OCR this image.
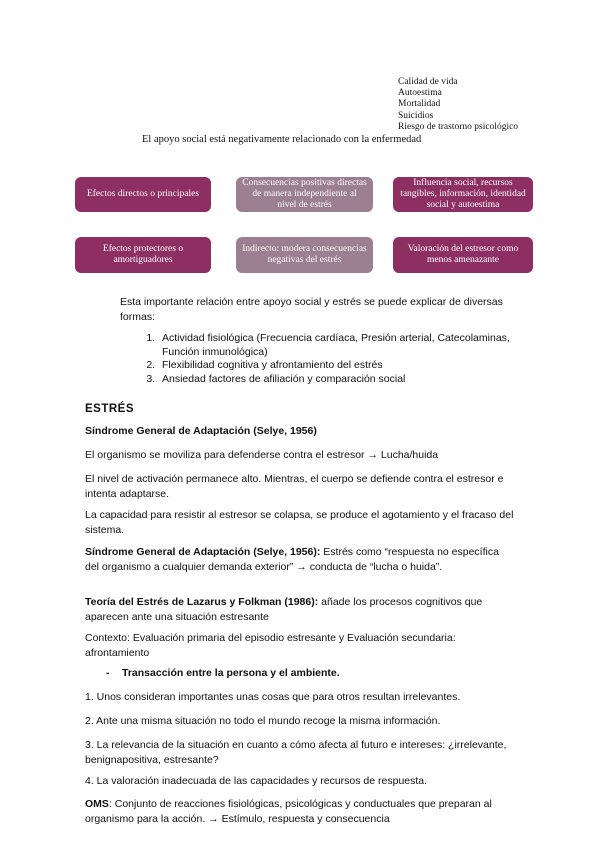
Calidad de vida
Autoestima
Mortalidad
Suicidios
Riesgo de trastorno psicológico
El apoyo social está negativamente relacionado con la enfermedad
Efectos directos o principales
Consecuencias positivas directas de manera independiente al nivel de estrés
Influencia social, recursos tangibles, información, identidad social y autoestima
Efectos protectores o amortiguadores
Indirecto: modera consecuencias negativas del estrés
Valoración del estresor como menos amenazante
Esta importante relación entre apoyo social y estrés se puede explicar de diversas formas:
1. Actividad fisiológica (Frecuencia cardíaca, Presión arterial, Catecolaminas, Función inmunológica)
2. Flexibilidad cognitiva y afrontamiento del estrés
3. Ansiedad factores de afiliación y comparación social
ESTRÉS
Síndrome General de Adaptación (Selye, 1956)
El organismo se moviliza para defenderse contra el estresor → Lucha/huida
El nivel de activación permanece alto. Mientras, el cuerpo se defiende contra el estresor e intenta adaptarse.
La capacidad para resistir al estresor se colapsa, se produce el agotamiento y el fracaso del sistema.
Síndrome General de Adaptación (Selye, 1956): Estrés como “respuesta no específica del organismo a cualquier demanda exterior” → conducta de “lucha o huida”.
Teoría del Estrés de Lazarus y Folkman (1986): añade los procesos cognitivos que aparecen ante una situación estresante
Contexto: Evaluación primaria del episodio estresante y Evaluación secundaria: afrontamiento
- Transacción entre la persona y el ambiente.
1. Unos consideran importantes unas cosas que para otros resultan irrelevantes.
2. Ante una misma situación no todo el mundo recoge la misma información.
3. La relevancia de la situación en cuanto a cómo afecta al futuro e intereses: ¿irrelevante, benignapositiva, estresante?
4. La valoración inadecuada de las capacidades y recursos de respuesta.
OMS: Conjunto de reacciones fisiológicas, psicológicas y conductuales que preparan al organismo para la acción. → Estímulo, respuesta y consecuencia
